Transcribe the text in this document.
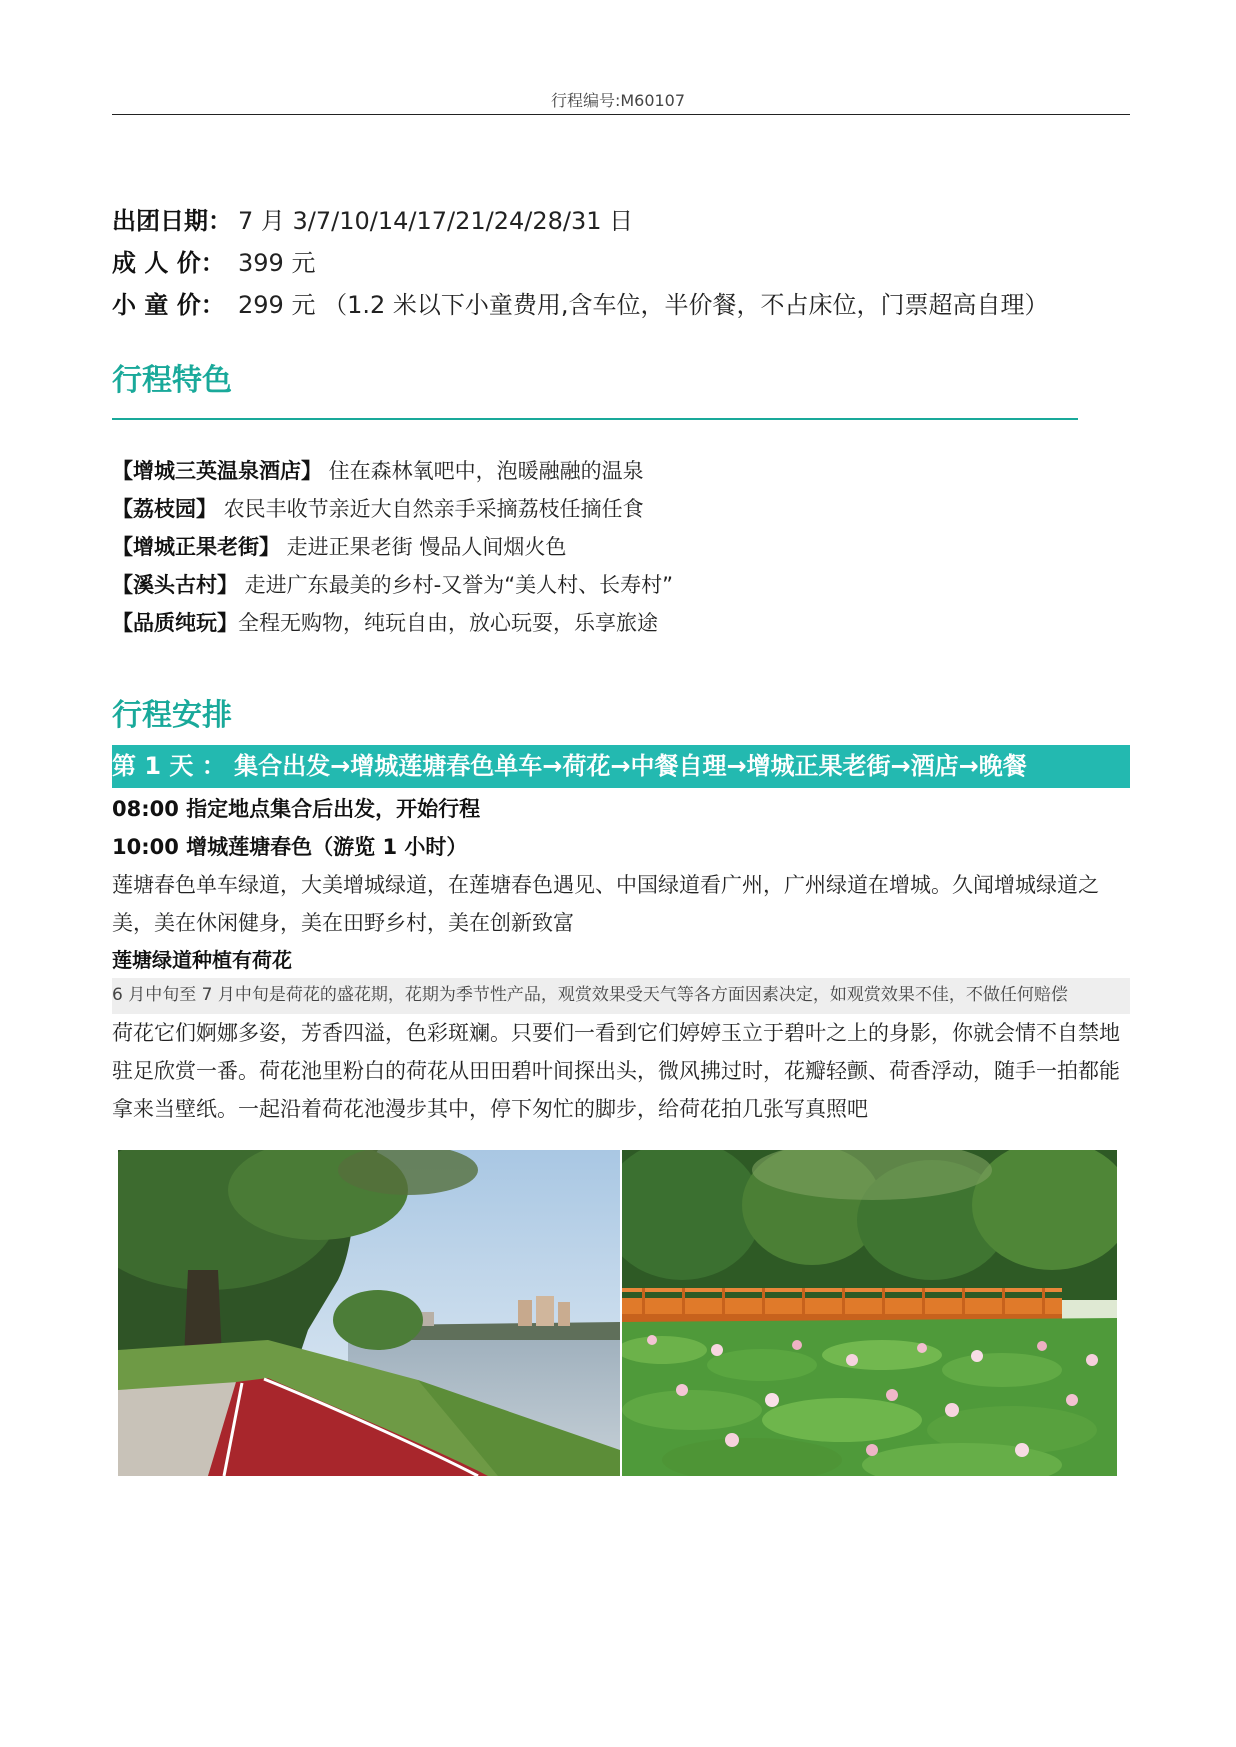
行程编号:M60107
出团日期： 7 月 3/7/10/14/17/21/24/28/31 日
成 人 价： 399 元
小 童 价： 299 元 （1.2 米以下小童费用,含车位，半价餐，不占床位，门票超高自理）
行程特色
【增城三英温泉酒店】 住在森林氧吧中，泡暖融融的温泉
【荔枝园】 农民丰收节亲近大自然亲手采摘荔枝任摘任食
【增城正果老街】 走进正果老街 慢品人间烟火色
【溪头古村】 走进广东最美的乡村-又誉为“美人村、长寿村”
【品质纯玩】全程无购物，纯玩自由，放心玩耍，乐享旅途
行程安排
第 1 天 ： 集合出发→增城莲塘春色单车→荷花→中餐自理→增城正果老街→酒店→晚餐
08:00 指定地点集合后出发，开始行程
10:00 增城莲塘春色（游览 1 小时）
莲塘春色单车绿道，大美增城绿道，在莲塘春色遇见、中国绿道看广州，广州绿道在增城。久闻增城绿道之美，美在休闲健身，美在田野乡村，美在创新致富
莲塘绿道种植有荷花
6 月中旬至 7 月中旬是荷花的盛花期，花期为季节性产品，观赏效果受天气等各方面因素决定，如观赏效果不佳，不做任何赔偿
荷花它们婀娜多姿，芳香四溢，色彩斑斓。只要们一看到它们婷婷玉立于碧叶之上的身影，你就会情不自禁地驻足欣赏一番。荷花池里粉白的荷花从田田碧叶间探出头，微风拂过时，花瓣轻颤、荷香浮动，随手一拍都能拿来当壁纸。一起沿着荷花池漫步其中，停下匆忙的脚步，给荷花拍几张写真照吧
